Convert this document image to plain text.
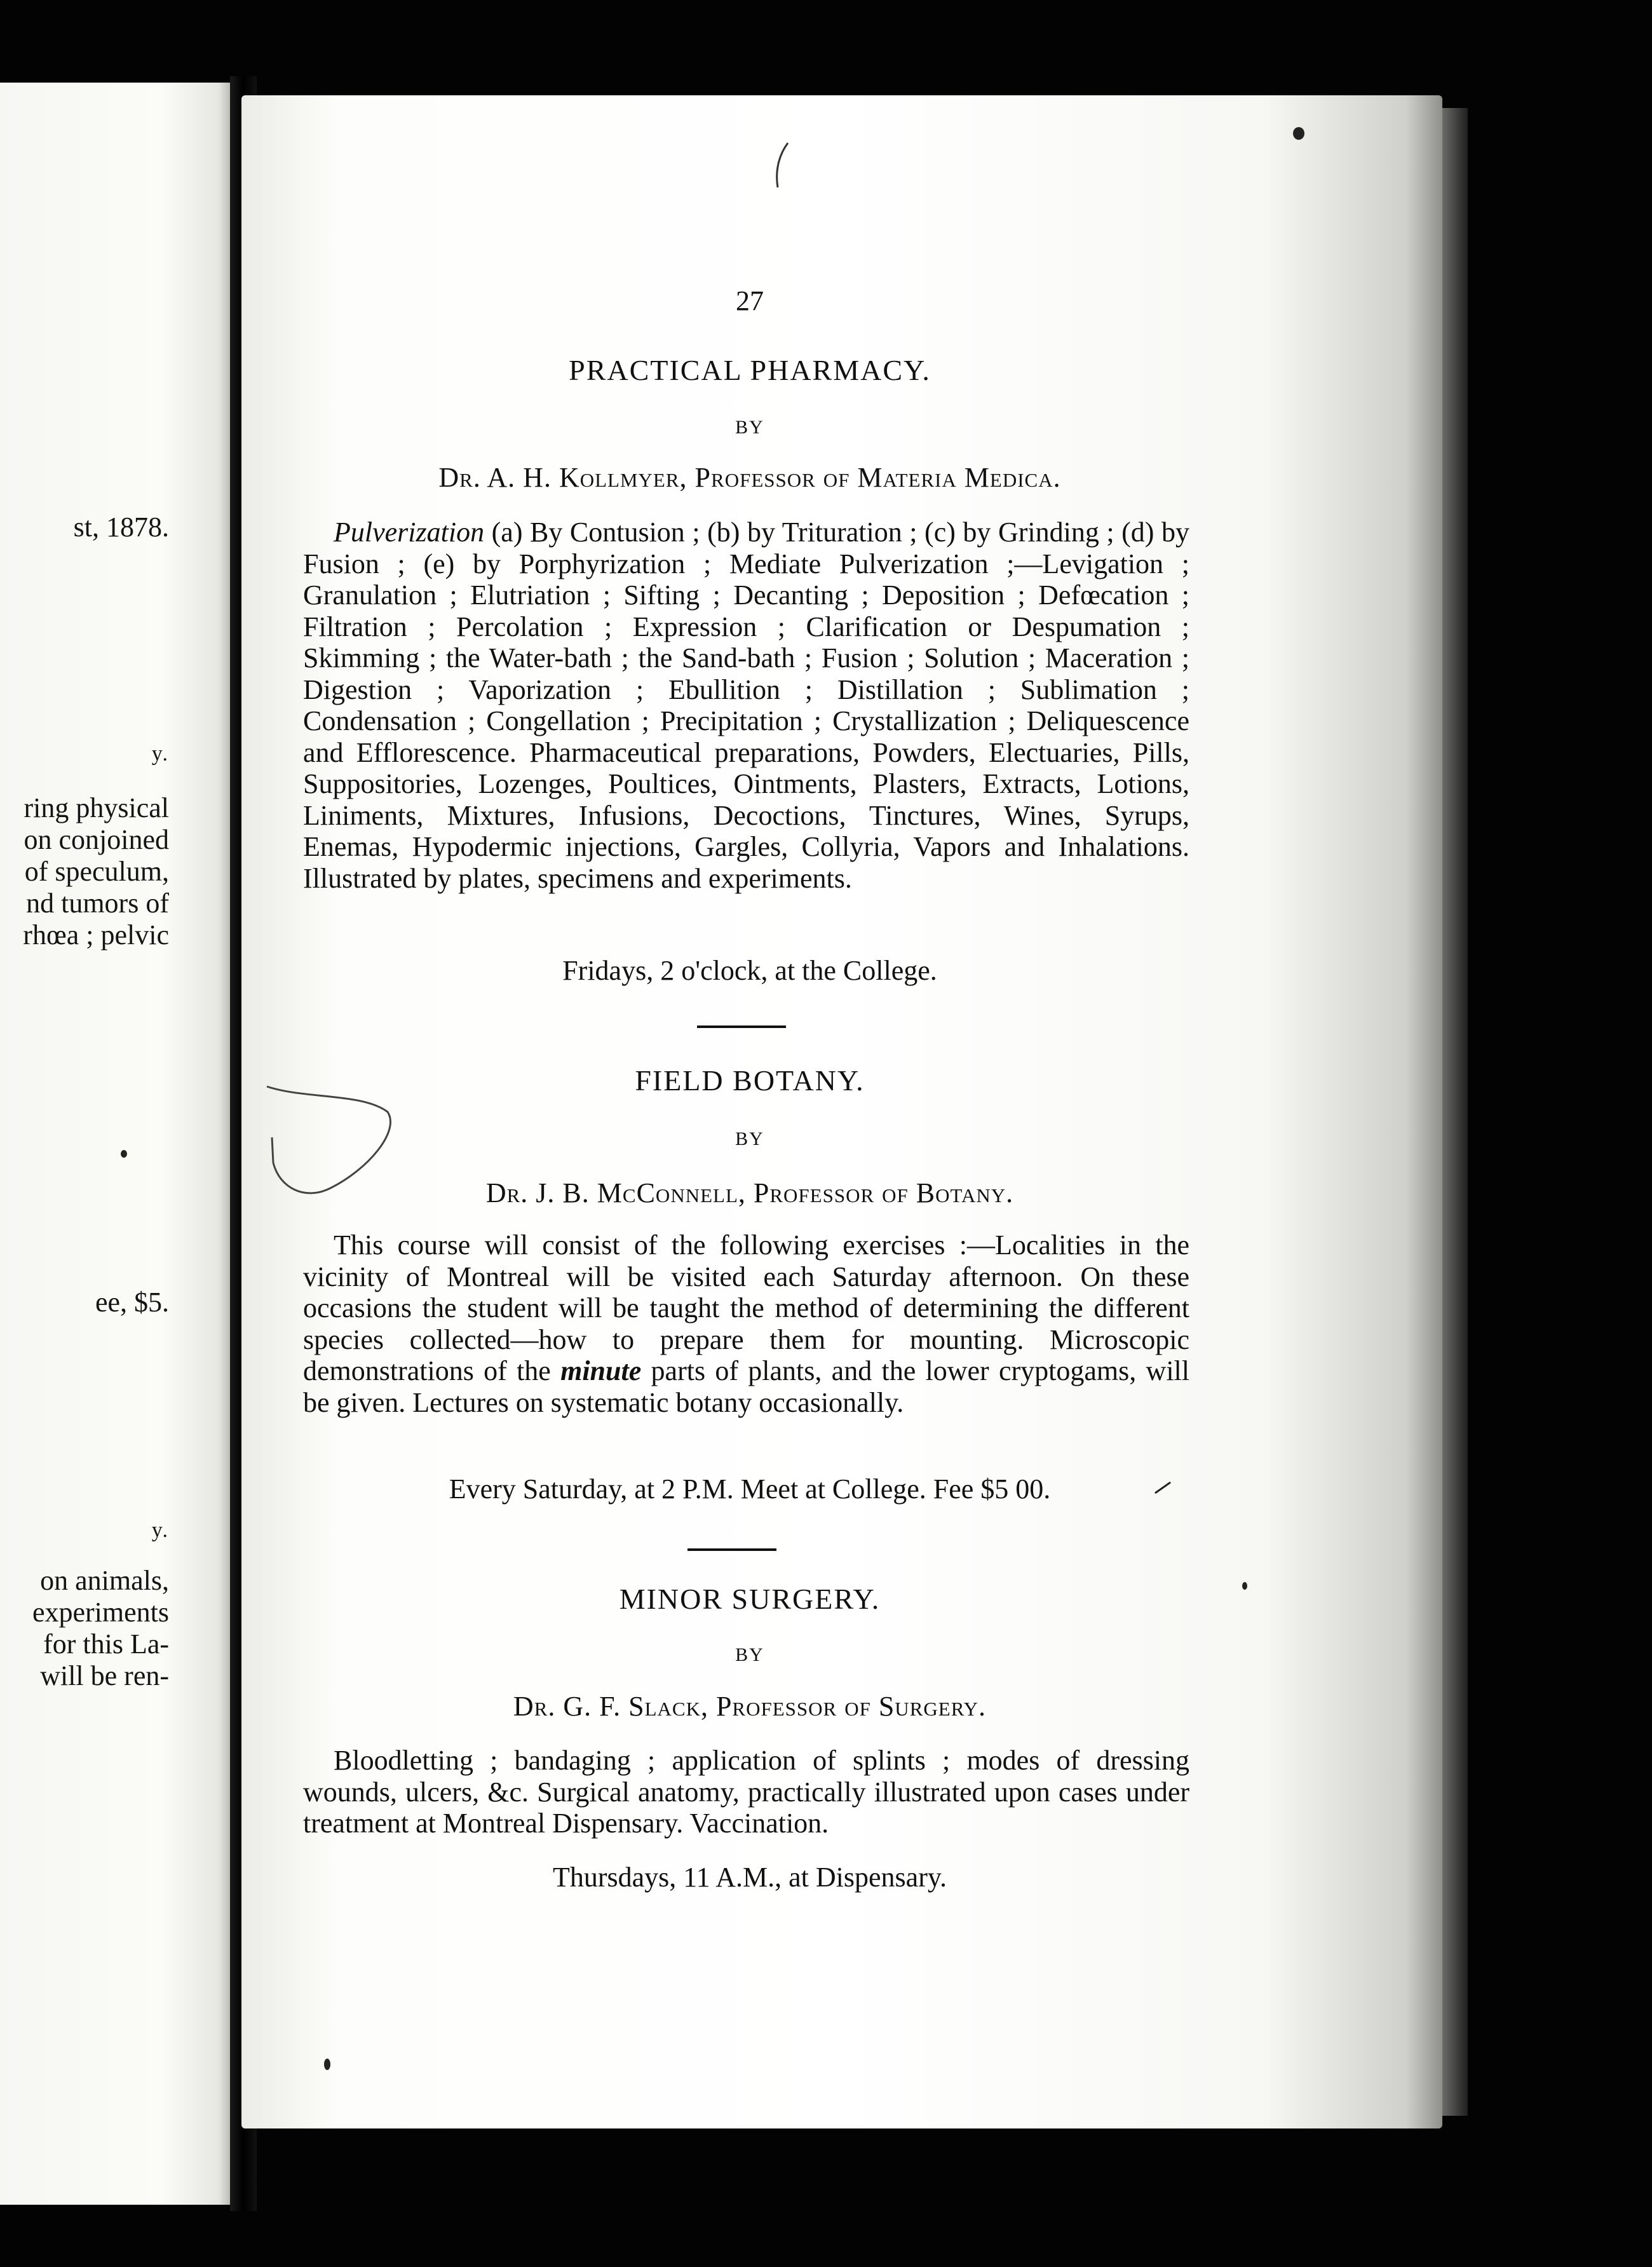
st, 1878.
y.
ring physical
on conjoined
of speculum,
nd tumors of
rhœa ; pelvic
ee, $5.
y.
on animals,
experiments
for this La-
will be ren-
27
PRACTICAL PHARMACY.
BY
Dr. A. H. Kollmyer, Professor of Materia Medica.

Pulverization (a) By Contusion ; (b) by Trituration ; (c) by Grinding ; (d) by Fusion ; (e) by Porphyrization ; Mediate Pulverization ;—Levigation ; Granulation ; Elutriation ; Sifting ; Decanting ; Deposition ; Defœcation ; Filtration ; Percolation ; Expression ; Clarification or Despumation ; Skimming ; the Water-bath ; the Sand-bath ; Fusion ; Solution ; Maceration ; Digestion ; Vaporization ; Ebullition ; Distillation ; Sublimation ; Condensation ; Congellation ; Precipitation ; Crystallization ; Deliquescence and Efflorescence. Pharmaceutical preparations, Powders, Electuaries, Pills, Suppositories, Lozenges, Poultices, Ointments, Plasters, Extracts, Lotions, Liniments, Mixtures, Infusions, Decoctions, Tinctures, Wines, Syrups, Enemas, Hypodermic injections, Gargles, Collyria, Vapors and Inhalations. Illustrated by plates, specimens and experiments.

Fridays, 2 o'clock, at the College.
FIELD BOTANY.
BY
Dr. J. B. McConnell, Professor of Botany.

This course will consist of the following exercises :—Localities in the vicinity of Montreal will be visited each Saturday afternoon. On these occasions the student will be taught the method of determining the different species collected—how to prepare them for mounting. Microscopic demonstrations of the minute parts of plants, and the lower cryptogams, will be given. Lectures on systematic botany occasionally.

Every Saturday, at 2 P.M. Meet at College. Fee $5 00.
MINOR SURGERY.
BY
Dr. G. F. Slack, Professor of Surgery.

Bloodletting ; bandaging ; application of splints ; modes of dressing wounds, ulcers, &c. Surgical anatomy, practically illustrated upon cases under treatment at Montreal Dispensary. Vaccination.

Thursdays, 11 A.M., at Dispensary.
